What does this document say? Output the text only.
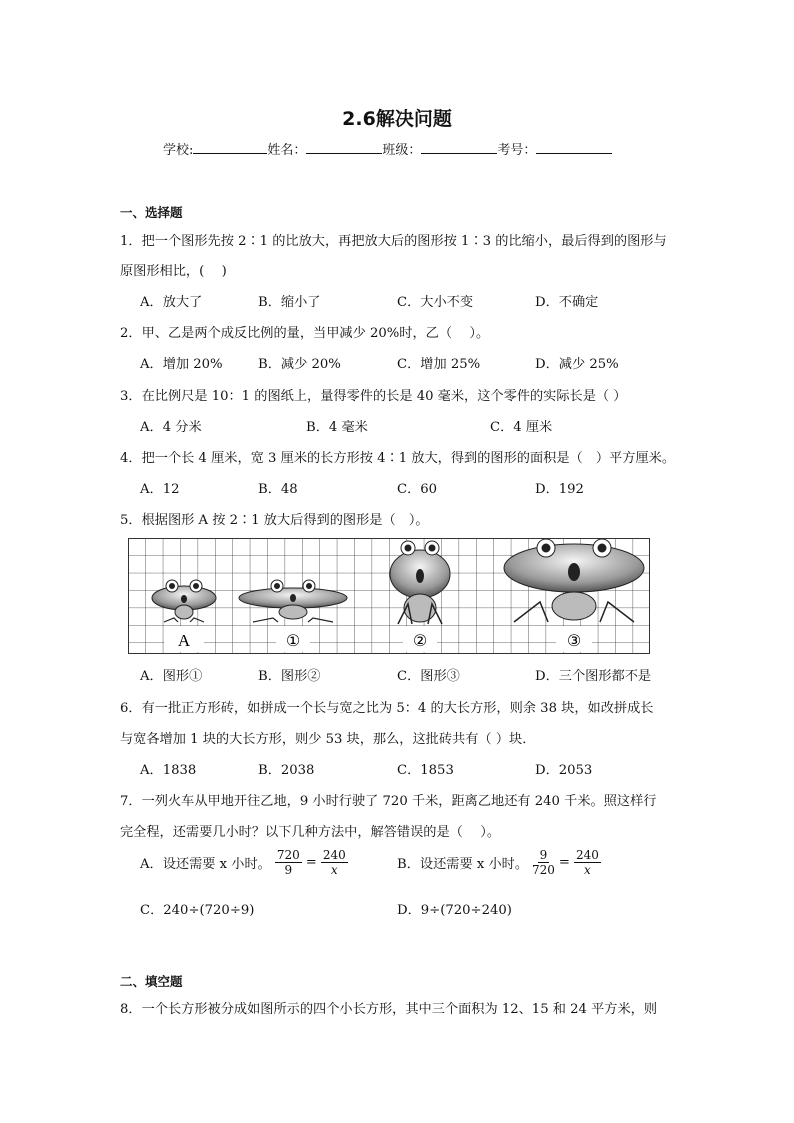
2.6解决问题
学校:	姓名：	班级：	考号：
一、选择题
1．把一个图形先按 2∶1 的比放大，再把放大后的图形按 1∶3 的比缩小，最后得到的图形与
原图形相比，(　 )
A．放大了	B．缩小了	C．大小不变	D．不确定
2．甲、乙是两个成反比例的量，当甲减少 20%时，乙（　 ）。
A．增加 20%	B．减少 20%	C．增加 25%	D．减少 25%
3．在比例尺是 10：1 的图纸上，量得零件的长是 40 毫米，这个零件的实际长是（ ）
A．4 分米	B．4 毫米	C．4 厘米
4．把一个长 4 厘米，宽 3 厘米的长方形按 4∶1 放大，得到的图形的面积是（　）平方厘米。
A．12	B．48	C．60	D．192
5．根据图形 A 按 2∶1 放大后得到的图形是（　）。
A	①	②	③
A．图形①	B．图形②	C．图形③	D．三个图形都不是
6．有一批正方形砖，如拼成一个长与宽之比为 5：4 的大长方形，则余 38 块，如改拼成长
与宽各增加 1 块的大长方形，则少 53 块，那么，这批砖共有（ ）块．
A．1838	B．2038	C．1853	D．2053
7．一列火车从甲地开往乙地，9 小时行驶了 720 千米，距离乙地还有 240 千米。照这样行
完全程，还需要几小时？以下几种方法中，解答错误的是（　 ）。
A．设还需要 x 小时。 $\frac{720}{9} = \frac{240}{x}$	B．设还需要 x 小时。 $\frac{9}{720} = \frac{240}{x}$
C．240÷(720÷9)	D．9÷(720÷240)
二、填空题
8．一个长方形被分成如图所示的四个小长方形，其中三个面积为 12、15 和 24 平方米，则
